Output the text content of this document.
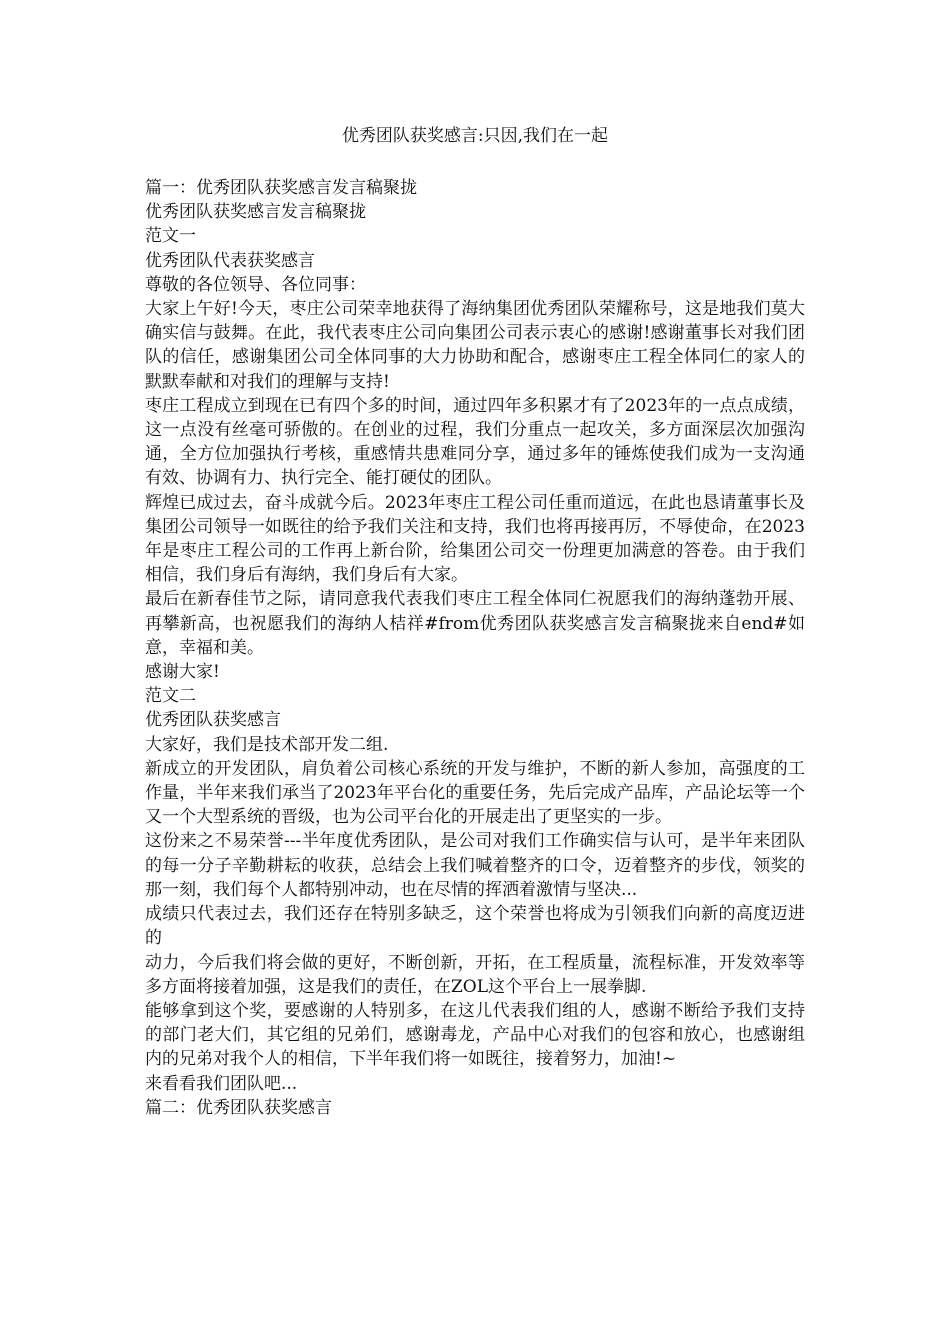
优秀团队获奖感言:只因,我们在一起

篇一：优秀团队获奖感言发言稿聚拢

优秀团队获奖感言发言稿聚拢

范文一

优秀团队代表获奖感言

尊敬的各位领导、各位同事：

大家上午好!今天，枣庄公司荣幸地获得了海纳集团优秀团队荣耀称号，这是地我们莫大确实信与鼓舞。在此，我代表枣庄公司向集团公司表示衷心的感谢!感谢董事长对我们团队的信任，感谢集团公司全体同事的大力协助和配合，感谢枣庄工程全体同仁的家人的默默奉献和对我们的理解与支持!

枣庄工程成立到现在已有四个多的时间，通过四年多积累才有了2023年的一点点成绩，这一点没有丝毫可骄傲的。在创业的过程，我们分重点一起攻关，多方面深层次加强沟通，全方位加强执行考核，重感情共患难同分享，通过多年的锤炼使我们成为一支沟通有效、协调有力、执行完全、能打硬仗的团队。

辉煌已成过去，奋斗成就今后。2023年枣庄工程公司任重而道远，在此也恳请董事长及集团公司领导一如既往的给予我们关注和支持，我们也将再接再厉，不辱使命，在2023年是枣庄工程公司的工作再上新台阶，给集团公司交一份理更加满意的答卷。由于我们相信，我们身后有海纳，我们身后有大家。

最后在新春佳节之际，请同意我代表我们枣庄工程全体同仁祝愿我们的海纳蓬勃开展、再攀新高，也祝愿我们的海纳人桔祥#from优秀团队获奖感言发言稿聚拢来自end#如意，幸福和美。

感谢大家!

范文二

优秀团队获奖感言

大家好，我们是技术部开发二组.

新成立的开发团队，肩负着公司核心系统的开发与维护，不断的新人参加，高强度的工作量，半年来我们承当了2023年平台化的重要任务，先后完成产品库，产品论坛等一个又一个大型系统的晋级，也为公司平台化的开展走出了更坚实的一步。

这份来之不易荣誉---半年度优秀团队，是公司对我们工作确实信与认可，是半年来团队的每一分子辛勤耕耘的收获，总结会上我们喊着整齐的口令，迈着整齐的步伐，领奖的那一刻，我们每个人都特别冲动，也在尽情的挥洒着激情与坚决...

成绩只代表过去，我们还存在特别多缺乏，这个荣誉也将成为引领我们向新的高度迈进的

动力，今后我们将会做的更好，不断创新，开拓，在工程质量，流程标准，开发效率等多方面将接着加强，这是我们的责任，在ZOL这个平台上一展拳脚.

能够拿到这个奖，要感谢的人特别多，在这儿代表我们组的人，感谢不断给予我们支持的部门老大们，其它组的兄弟们，感谢毒龙，产品中心对我们的包容和放心，也感谢组内的兄弟对我个人的相信，下半年我们将一如既往，接着努力，加油!~

来看看我们团队吧...

篇二：优秀团队获奖感言
